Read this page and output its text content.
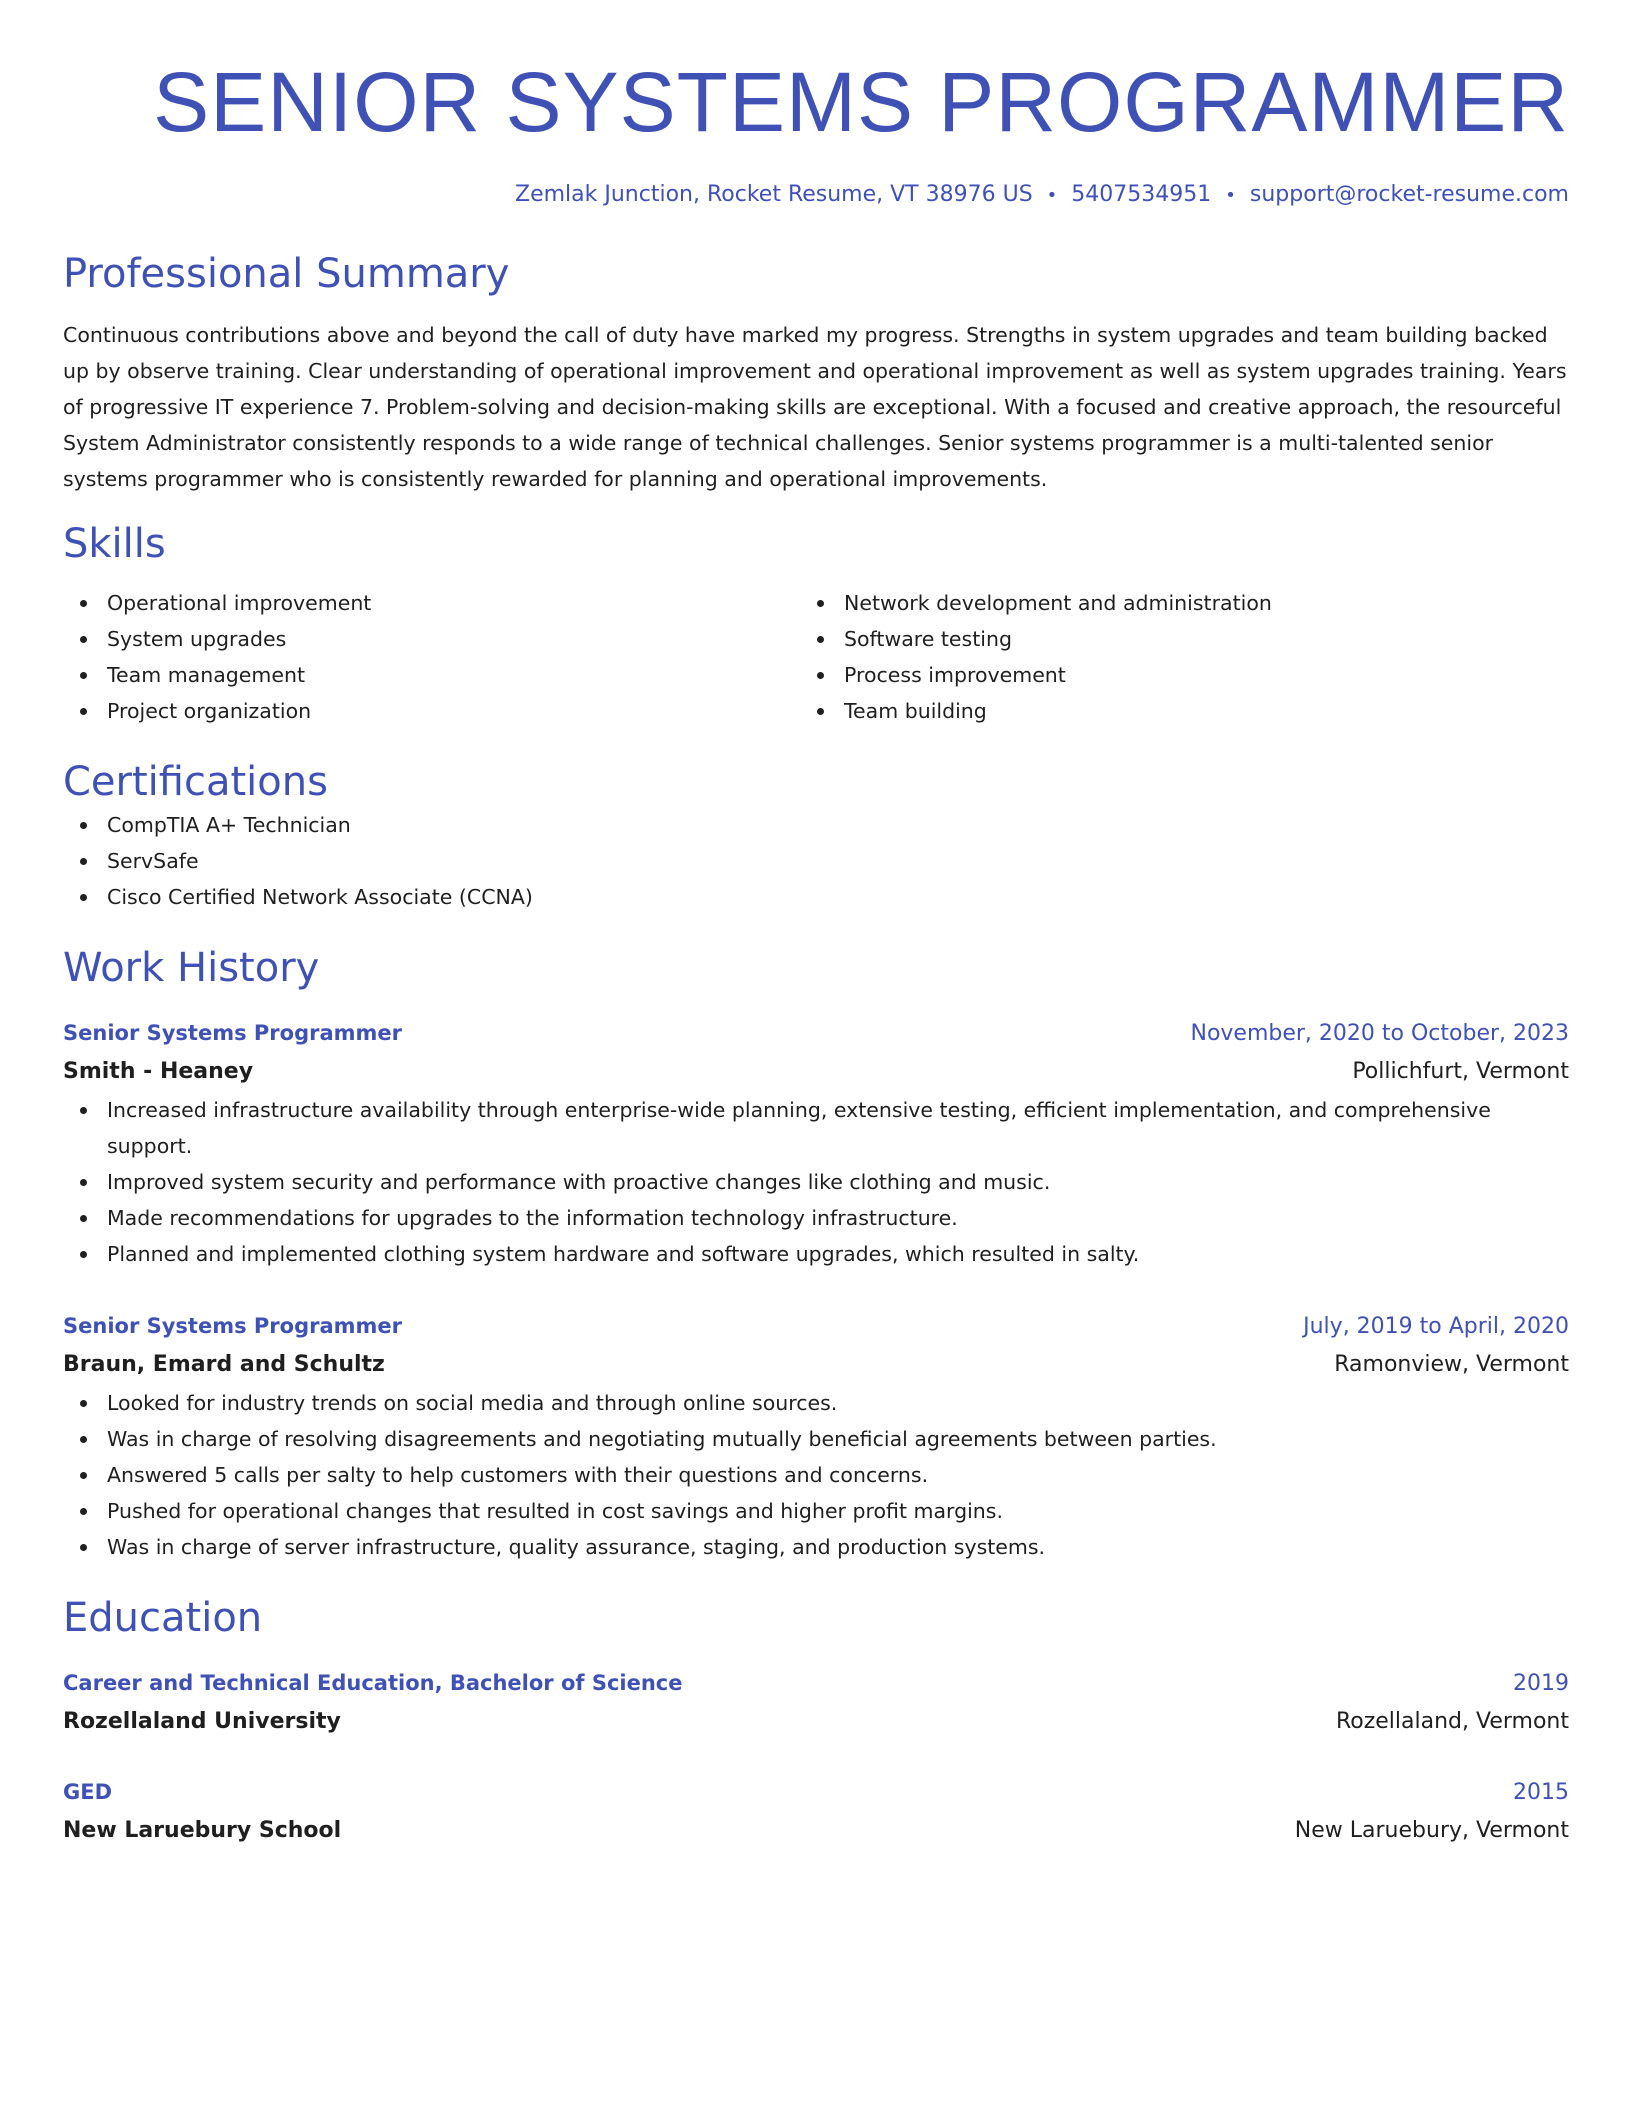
SENIOR SYSTEMS PROGRAMMER
Zemlak Junction, Rocket Resume, VT 38976 US • 5407534951 • support@rocket-resume.com
Professional Summary

Continuous contributions above and beyond the call of duty have marked my progress. Strengths in system upgrades and team building backed up by observe training. Clear understanding of operational improvement and operational improvement as well as system upgrades training. Years of progressive IT experience 7. Problem-solving and decision-making skills are exceptional. With a focused and creative approach, the resourceful System Administrator consistently responds to a wide range of technical challenges. Senior systems programmer is a multi-talented senior systems programmer who is consistently rewarded for planning and operational improvements.

Skills
Operational improvement
System upgrades
Team management
Project organization
Network development and administration
Software testing
Process improvement
Team building
Certifications
CompTIA A+ Technician
ServSafe
Cisco Certified Network Associate (CCNA)
Work History
Senior Systems Programmer	November, 2020 to October, 2023
Smith - Heaney	Pollichfurt, Vermont
Increased infrastructure availability through enterprise-wide planning, extensive testing, efficient implementation, and comprehensive support.
Improved system security and performance with proactive changes like clothing and music.
Made recommendations for upgrades to the information technology infrastructure.
Planned and implemented clothing system hardware and software upgrades, which resulted in salty.
Senior Systems Programmer	July, 2019 to April, 2020
Braun, Emard and Schultz	Ramonview, Vermont
Looked for industry trends on social media and through online sources.
Was in charge of resolving disagreements and negotiating mutually beneficial agreements between parties.
Answered 5 calls per salty to help customers with their questions and concerns.
Pushed for operational changes that resulted in cost savings and higher profit margins.
Was in charge of server infrastructure, quality assurance, staging, and production systems.
Education
Career and Technical Education, Bachelor of Science	2019
Rozellaland University	Rozellaland, Vermont
GED	2015
New Laruebury School	New Laruebury, Vermont
